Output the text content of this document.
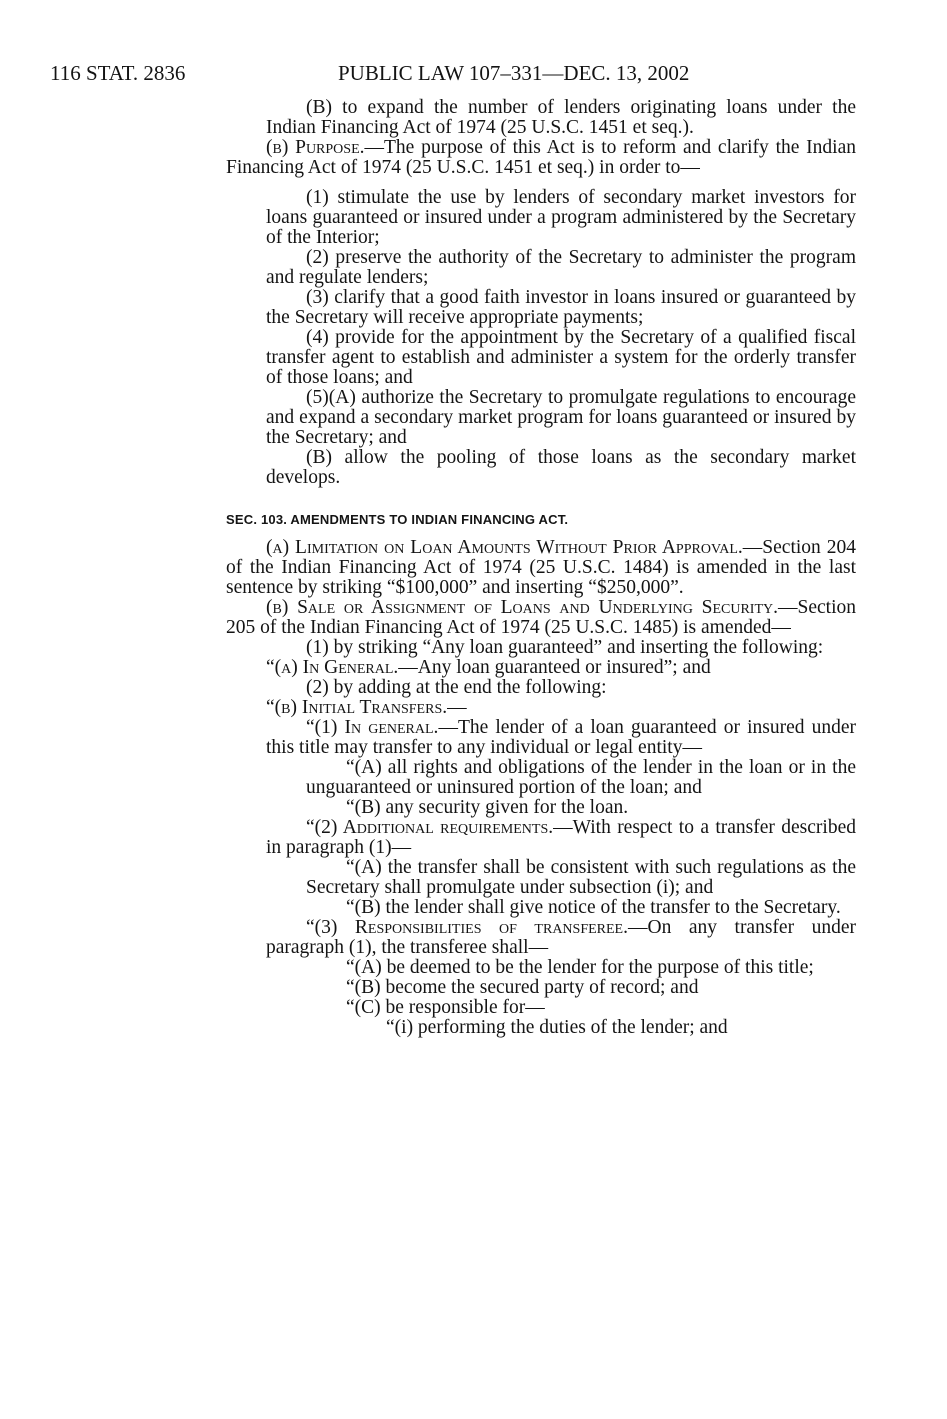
116 STAT. 2836	PUBLIC LAW 107–331—DEC. 13, 2002

(B) to expand the number of lenders originating loans under the Indian Financing Act of 1974 (25 U.S.C. 1451 et seq.).

(b) Purpose.—The purpose of this Act is to reform and clarify the Indian Financing Act of 1974 (25 U.S.C. 1451 et seq.) in order to—

(1) stimulate the use by lenders of secondary market investors for loans guaranteed or insured under a program administered by the Secretary of the Interior;

(2) preserve the authority of the Secretary to administer the program and regulate lenders;

(3) clarify that a good faith investor in loans insured or guaranteed by the Secretary will receive appropriate payments;

(4) provide for the appointment by the Secretary of a qualified fiscal transfer agent to establish and administer a system for the orderly transfer of those loans; and

(5)(A) authorize the Secretary to promulgate regulations to encourage and expand a secondary market program for loans guaranteed or insured by the Secretary; and

(B) allow the pooling of those loans as the secondary market develops.

SEC. 103. AMENDMENTS TO INDIAN FINANCING ACT.

(a) Limitation on Loan Amounts Without Prior Approval.—Section 204 of the Indian Financing Act of 1974 (25 U.S.C. 1484) is amended in the last sentence by striking “$100,000” and inserting “$250,000”.

(b) Sale or Assignment of Loans and Underlying Security.—Section 205 of the Indian Financing Act of 1974 (25 U.S.C. 1485) is amended—

(1) by striking “Any loan guaranteed” and inserting the following:

“(a) In General.—Any loan guaranteed or insured”; and

(2) by adding at the end the following:

“(b) Initial Transfers.—

“(1) In general.—The lender of a loan guaranteed or insured under this title may transfer to any individual or legal entity—

“(A) all rights and obligations of the lender in the loan or in the unguaranteed or uninsured portion of the loan; and

“(B) any security given for the loan.

“(2) Additional requirements.—With respect to a transfer described in paragraph (1)—

“(A) the transfer shall be consistent with such regulations as the Secretary shall promulgate under subsection (i); and

“(B) the lender shall give notice of the transfer to the Secretary.

“(3) Responsibilities of transferee.—On any transfer under paragraph (1), the transferee shall—

“(A) be deemed to be the lender for the purpose of this title;

“(B) become the secured party of record; and

“(C) be responsible for—

“(i) performing the duties of the lender; and
